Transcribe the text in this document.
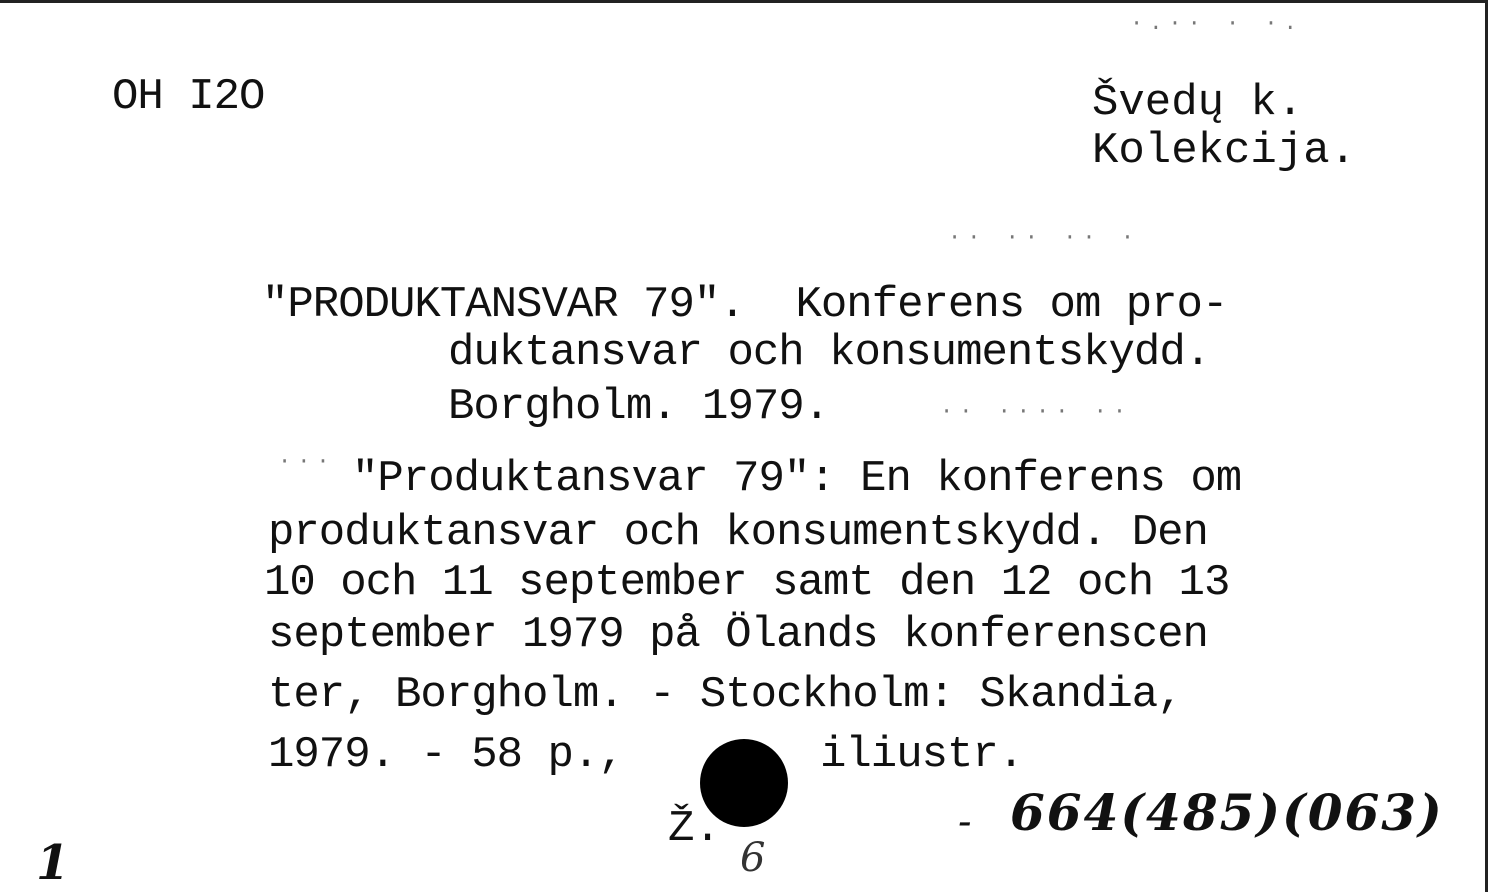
OH I2O	Švedų k.
Kolekcija.
·· ·· ·· ·
·· ···· ··
·.·· · ·.
···
"PRODUKTANSVAR 79".  Konferens om pro-
duktansvar och konsumentskydd.
Borgholm. 1979.
"Produktansvar 79": En konferens om
produktansvar och konsumentskydd. Den
10 och 11 september samt den 12 och 13
september 1979 på Ölands konferenscen
ter, Borgholm. - Stockholm: Skandia,
1979. - 58 p.,	iliustr.
Ž.	- 664(485)(063)
6
1
